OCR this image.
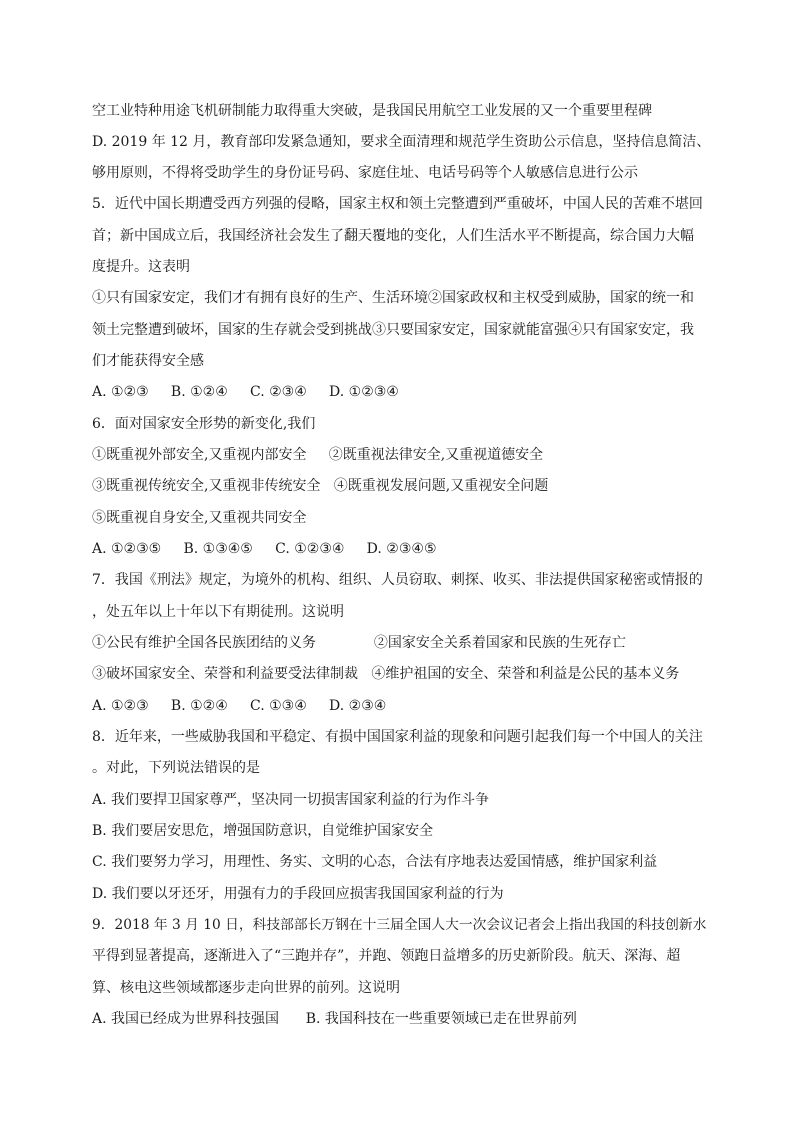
空工业特种用途飞机研制能力取得重大突破，是我国民用航空工业发展的又一个重要里程碑
D. 2019 年 12 月，教育部印发紧急通知，要求全面清理和规范学生资助公示信息，坚持信息简洁、
够用原则，不得将受助学生的身份证号码、家庭住址、电话号码等个人敏感信息进行公示
5．近代中国长期遭受西方列强的侵略，国家主权和领土完整遭到严重破坏，中国人民的苦难不堪回
首；新中国成立后，我国经济社会发生了翻天覆地的变化，人们生活水平不断提高，综合国力大幅
度提升。这表明
①只有国家安定，我们才有拥有良好的生产、生活环境②国家政权和主权受到威胁，国家的统一和
领土完整遭到破坏，国家的生存就会受到挑战③只要国家安定，国家就能富强④只有国家安定，我
们才能获得安全感
A. ①②③     B. ①②④     C. ②③④     D. ①②③④
6．面对国家安全形势的新变化,我们
①既重视外部安全,又重视内部安全     ②既重视法律安全,又重视道德安全
③既重视传统安全,又重视非传统安全   ④既重视发展问题,又重视安全问题
⑤既重视自身安全,又重视共同安全
A. ①②③⑤     B. ①③④⑤     C. ①②③④     D. ②③④⑤
7．我国《刑法》规定，为境外的机构、组织、人员窃取、刺探、收买、非法提供国家秘密或情报的
，处五年以上十年以下有期徒刑。这说明
①公民有维护全国各民族团结的义务             ②国家安全关系着国家和民族的生死存亡
③破坏国家安全、荣誉和利益要受法律制裁   ④维护祖国的安全、荣誉和利益是公民的基本义务
A. ①②③     B. ①②④     C. ①③④     D. ②③④
8．近年来，一些威胁我国和平稳定、有损中国国家利益的现象和问题引起我们每一个中国人的关注
。对此，下列说法错误的是
A. 我们要捍卫国家尊严，坚决同一切损害国家利益的行为作斗争
B. 我们要居安思危，增强国防意识，自觉维护国家安全
C. 我们要努力学习，用理性、务实、文明的心态，合法有序地表达爱国情感，维护国家利益
D. 我们要以牙还牙，用强有力的手段回应损害我国国家利益的行为
9．2018 年 3 月 10 日，科技部部长万钢在十三届全国人大一次会议记者会上指出我国的科技创新水
平得到显著提高，逐渐进入了“三跑并存”，并跑、领跑日益增多的历史新阶段。航天、深海、超
算、核电这些领域都逐步走向世界的前列。这说明
A. 我国已经成为世界科技强国      B. 我国科技在一些重要领域已走在世界前列
